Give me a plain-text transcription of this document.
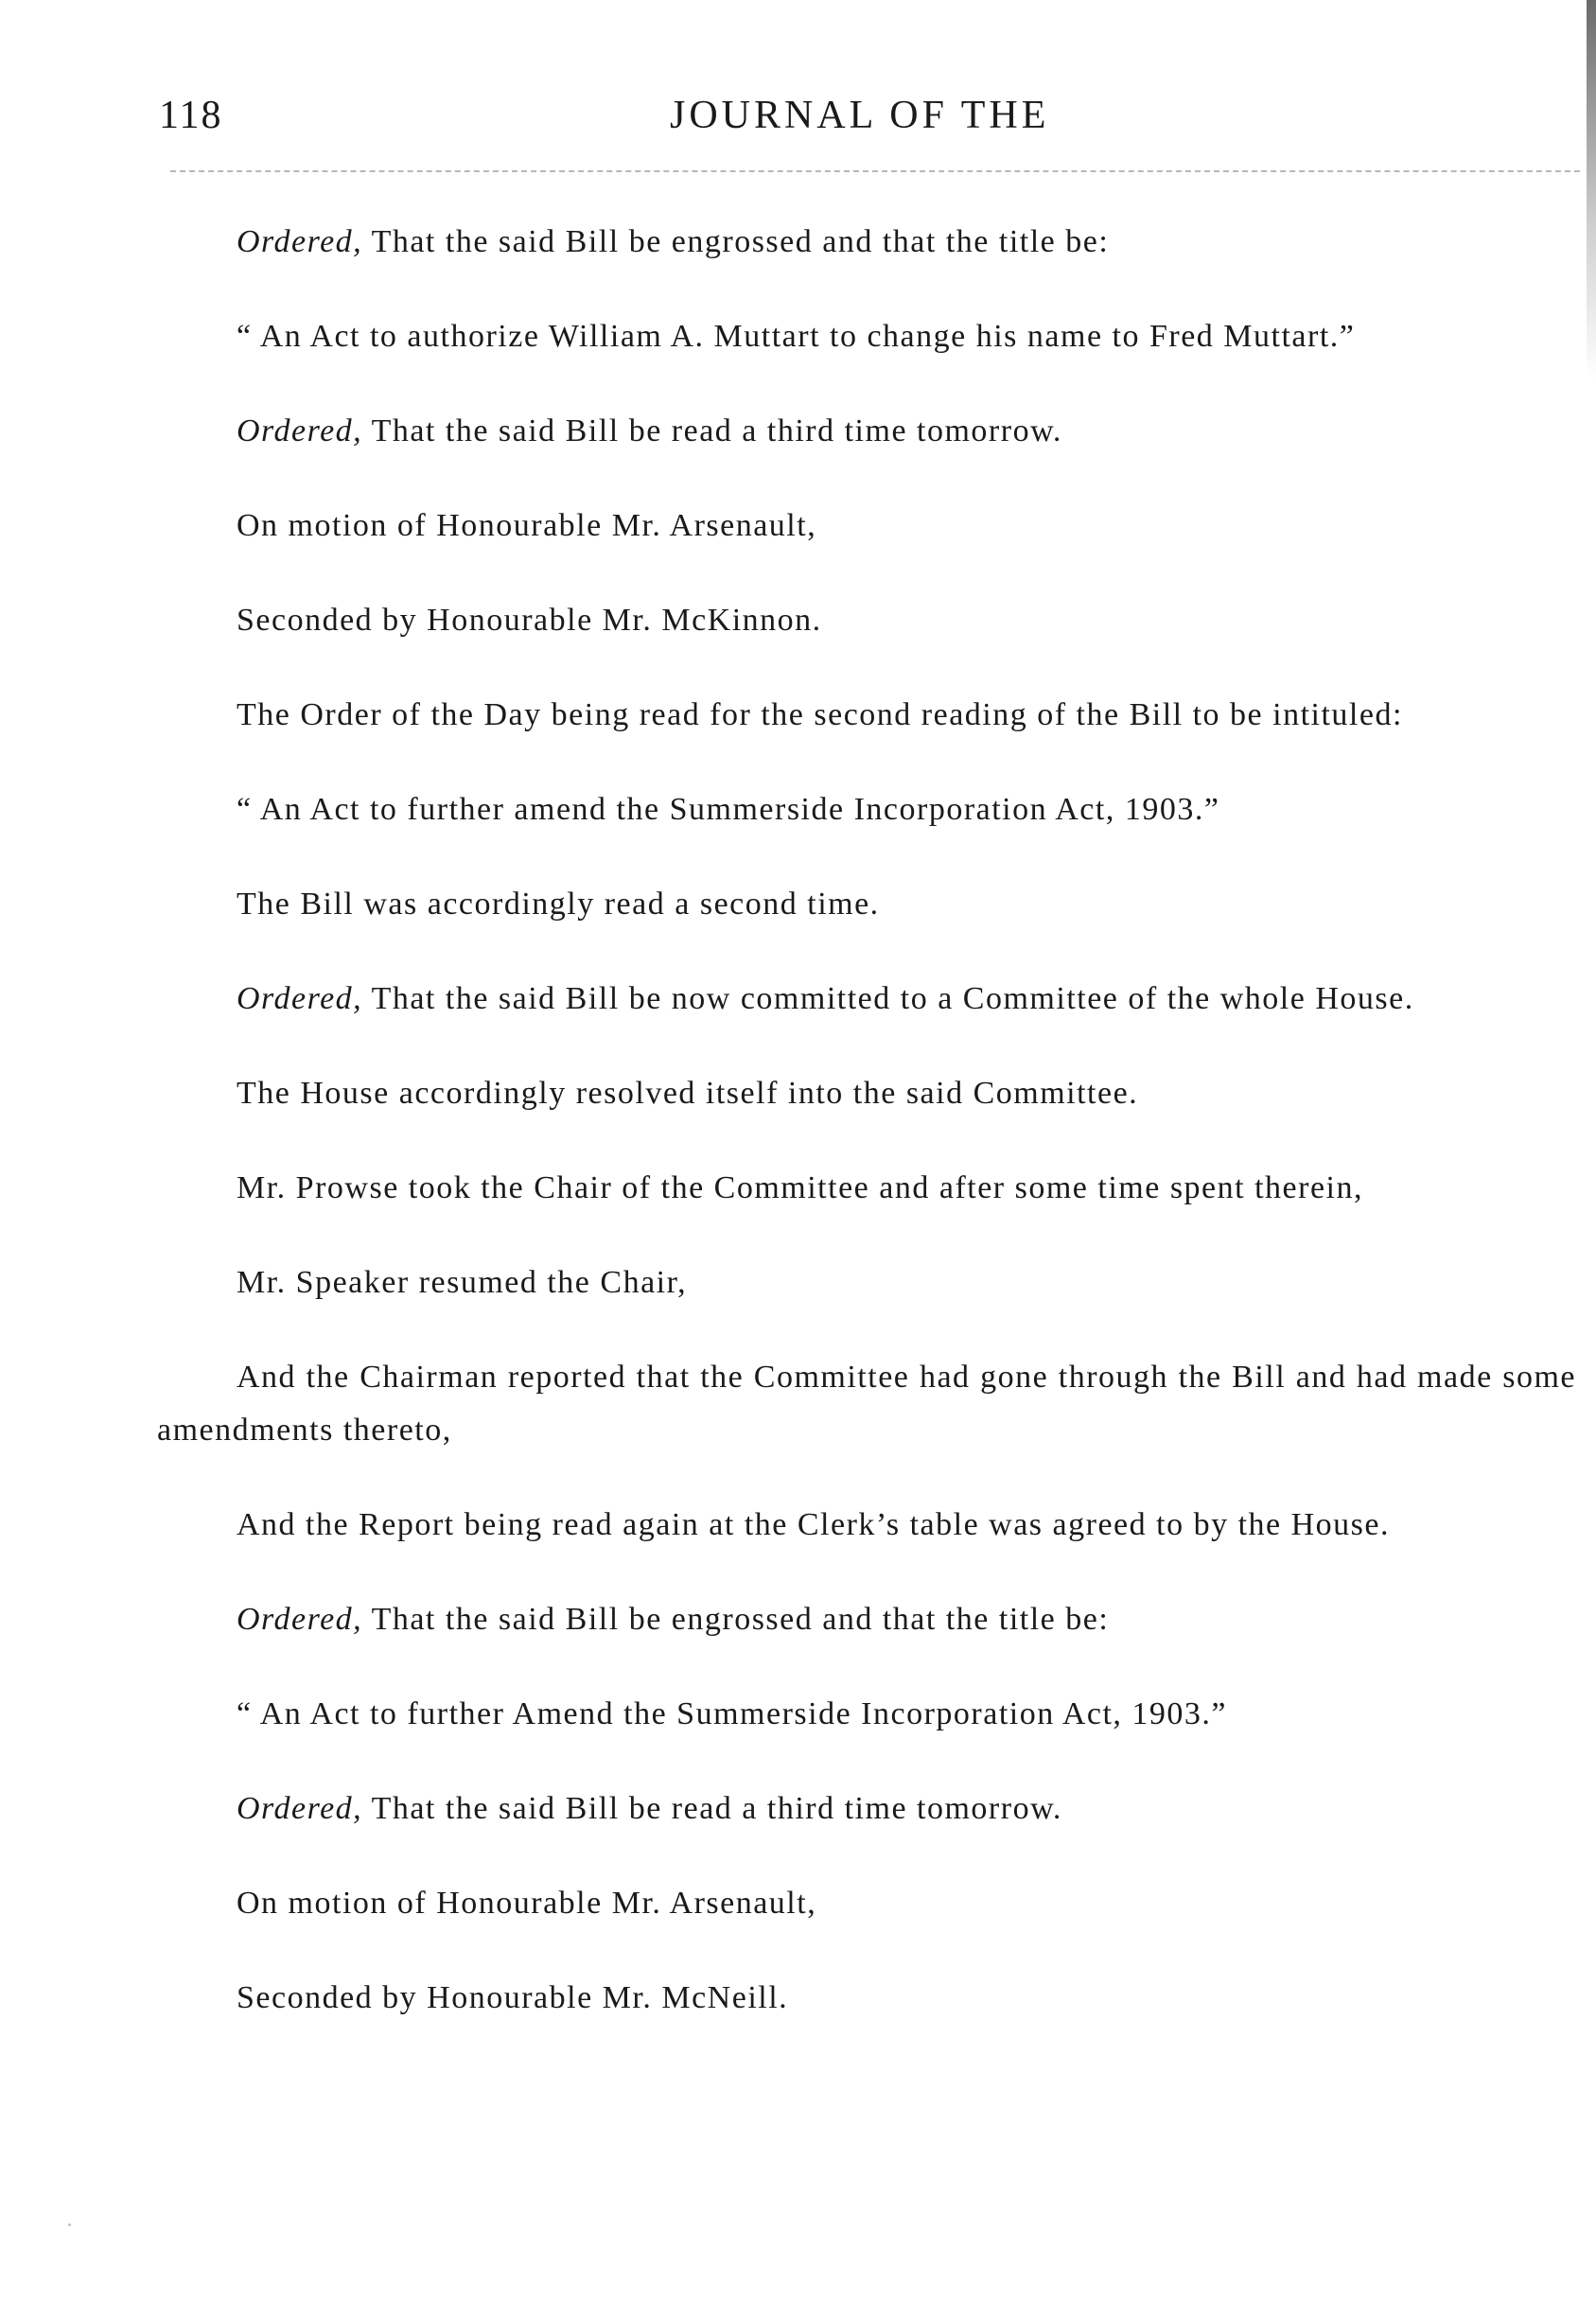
118	JOURNAL OF THE

Ordered, That the said Bill be engrossed and that the title be:

“ An Act to authorize William A. Muttart to change his name to Fred Muttart.”

Ordered, That the said Bill be read a third time tomorrow.

On motion of Honourable Mr. Arsenault,

Seconded by Honourable Mr. McKinnon.

The Order of the Day being read for the second reading of the Bill to be intituled:

“ An Act to further amend the Summerside Incorporation Act, 1903.”

The Bill was accordingly read a second time.

Ordered, That the said Bill be now committed to a Committee of the whole House.

The House accordingly resolved itself into the said Committee.

Mr. Prowse took the Chair of the Committee and after some time spent therein,

Mr. Speaker resumed the Chair,

And the Chairman reported that the Committee had gone through the Bill and had made some amendments thereto,

And the Report being read again at the Clerk’s table was agreed to by the House.

Ordered, That the said Bill be engrossed and that the title be:

“ An Act to further Amend the Summerside Incorporation Act, 1903.”

Ordered, That the said Bill be read a third time tomorrow.

On motion of Honourable Mr. Arsenault,

Seconded by Honourable Mr. McNeill.
